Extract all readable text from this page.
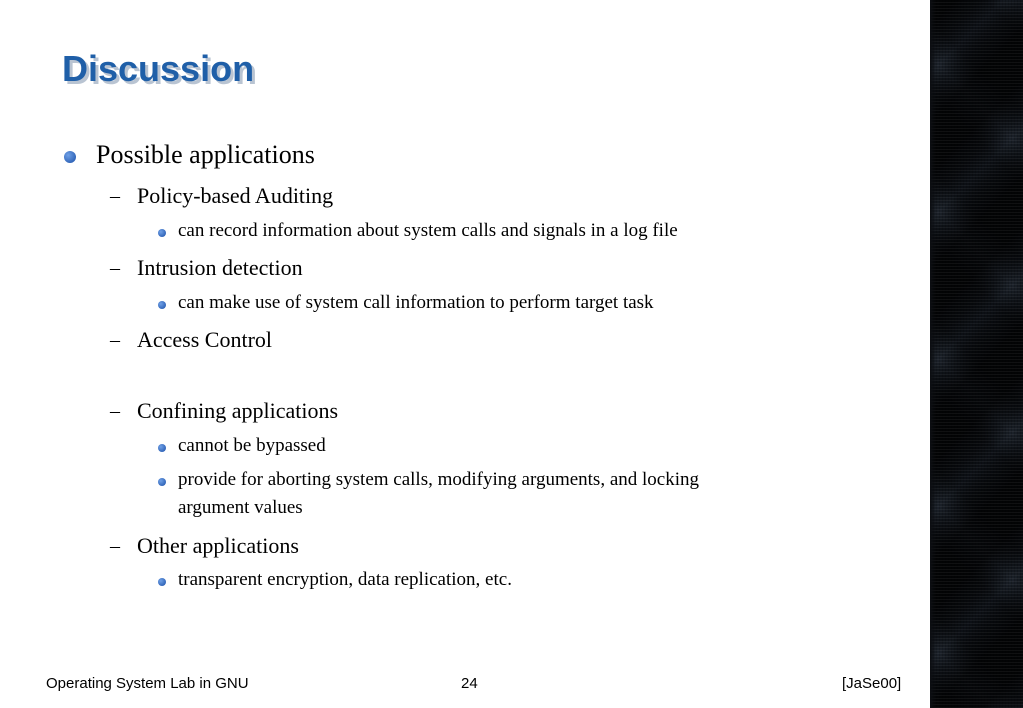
Discussion
Possible applications
– Policy-based Auditing
can record information about system calls and signals in a log file
– Intrusion detection
can make use of system call information to perform target task
– Access Control
– Confining applications
cannot be bypassed
provide for aborting system calls, modifying arguments, and locking
argument values
– Other applications
transparent encryption, data replication, etc.
Operating System Lab in GNU	24	[JaSe00]
